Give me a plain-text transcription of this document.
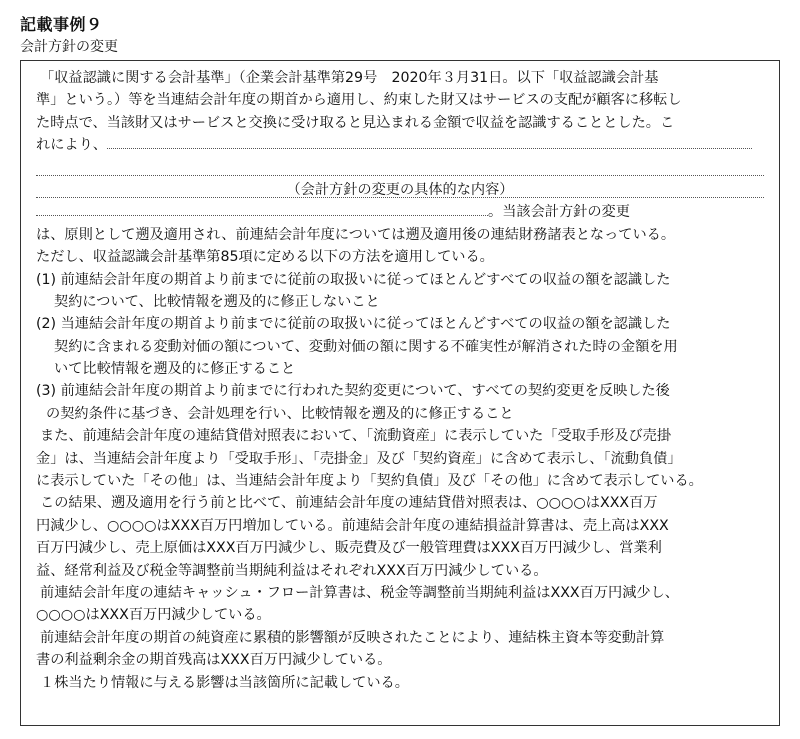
記載事例９
会計方針の変更
「収益認識に関する会計基準」（企業会計基準第29号　2020年３月31日。以下「収益認識会計基
準」という。）等を当連結会計年度の期首から適用し、約束した財又はサービスの支配が顧客に移転し
た時点で、当該財又はサービスと交換に受け取ると見込まれる金額で収益を認識することとした。こ
れにより、
（会計方針の変更の具体的な内容）
。当該会計方針の変更
は、原則として遡及適用され、前連結会計年度については遡及適用後の連結財務諸表となっている。
ただし、収益認識会計基準第85項に定める以下の方法を適用している。
(1) 前連結会計年度の期首より前までに従前の取扱いに従ってほとんどすべての収益の額を認識した
契約について、比較情報を遡及的に修正しないこと
(2) 当連結会計年度の期首より前までに従前の取扱いに従ってほとんどすべての収益の額を認識した
契約に含まれる変動対価の額について、変動対価の額に関する不確実性が解消された時の金額を用
いて比較情報を遡及的に修正すること
(3) 前連結会計年度の期首より前までに行われた契約変更について、すべての契約変更を反映した後
の契約条件に基づき、会計処理を行い、比較情報を遡及的に修正すること
また、前連結会計年度の連結貸借対照表において、「流動資産」に表示していた「受取手形及び売掛
金」は、当連結会計年度より「受取手形」、「売掛金」及び「契約資産」に含めて表示し、「流動負債」
に表示していた「その他」は、当連結会計年度より「契約負債」及び「その他」に含めて表示している。
この結果、遡及適用を行う前と比べて、前連結会計年度の連結貸借対照表は、○○○○はXXX百万
円減少し、○○○○はXXX百万円増加している。前連結会計年度の連結損益計算書は、売上高はXXX
百万円減少し、売上原価はXXX百万円減少し、販売費及び一般管理費はXXX百万円減少し、営業利
益、経常利益及び税金等調整前当期純利益はそれぞれXXX百万円減少している。
前連結会計年度の連結キャッシュ・フロー計算書は、税金等調整前当期純利益はXXX百万円減少し、
○○○○はXXX百万円減少している。
前連結会計年度の期首の純資産に累積的影響額が反映されたことにより、連結株主資本等変動計算
書の利益剰余金の期首残高はXXX百万円減少している。
１株当たり情報に与える影響は当該箇所に記載している。
